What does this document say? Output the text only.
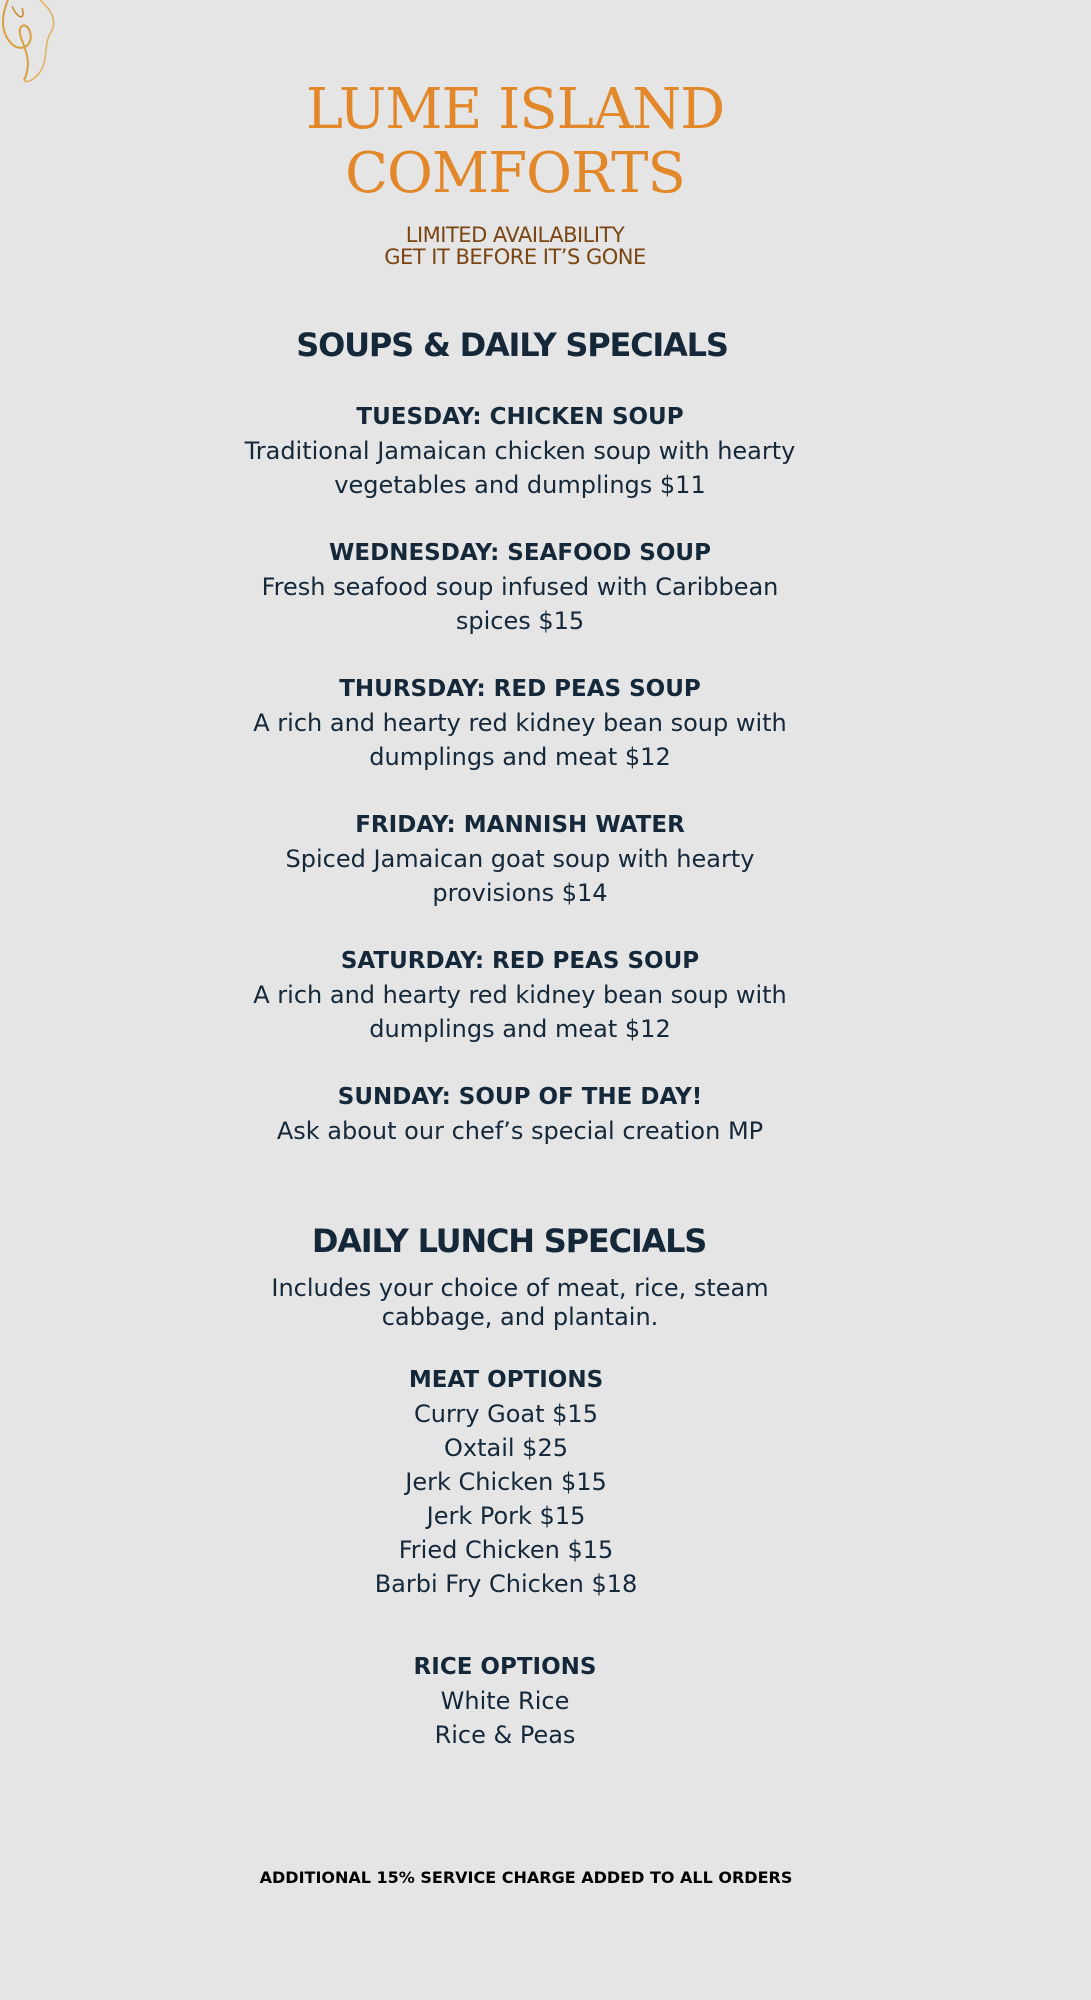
LUME ISLAND
COMFORTS
LIMITED AVAILABILITY
GET IT BEFORE IT’S GONE
SOUPS & DAILY SPECIALS
TUESDAY: CHICKEN SOUP
Traditional Jamaican chicken soup with hearty vegetables and dumplings $11
WEDNESDAY: SEAFOOD SOUP
Fresh seafood soup infused with Caribbean spices $15
THURSDAY: RED PEAS SOUP
A rich and hearty red kidney bean soup with dumplings and meat $12
FRIDAY: MANNISH WATER
Spiced Jamaican goat soup with hearty provisions $14
SATURDAY: RED PEAS SOUP
A rich and hearty red kidney bean soup with dumplings and meat $12
SUNDAY: SOUP OF THE DAY!
Ask about our chef’s special creation MP
DAILY LUNCH SPECIALS
Includes your choice of meat, rice, steam cabbage, and plantain.
MEAT OPTIONS
Curry Goat $15
Oxtail $25
Jerk Chicken $15
Jerk Pork $15
Fried Chicken $15
Barbi Fry Chicken $18
RICE OPTIONS
White Rice
Rice & Peas
ADDITIONAL 15% SERVICE CHARGE ADDED TO ALL ORDERS
